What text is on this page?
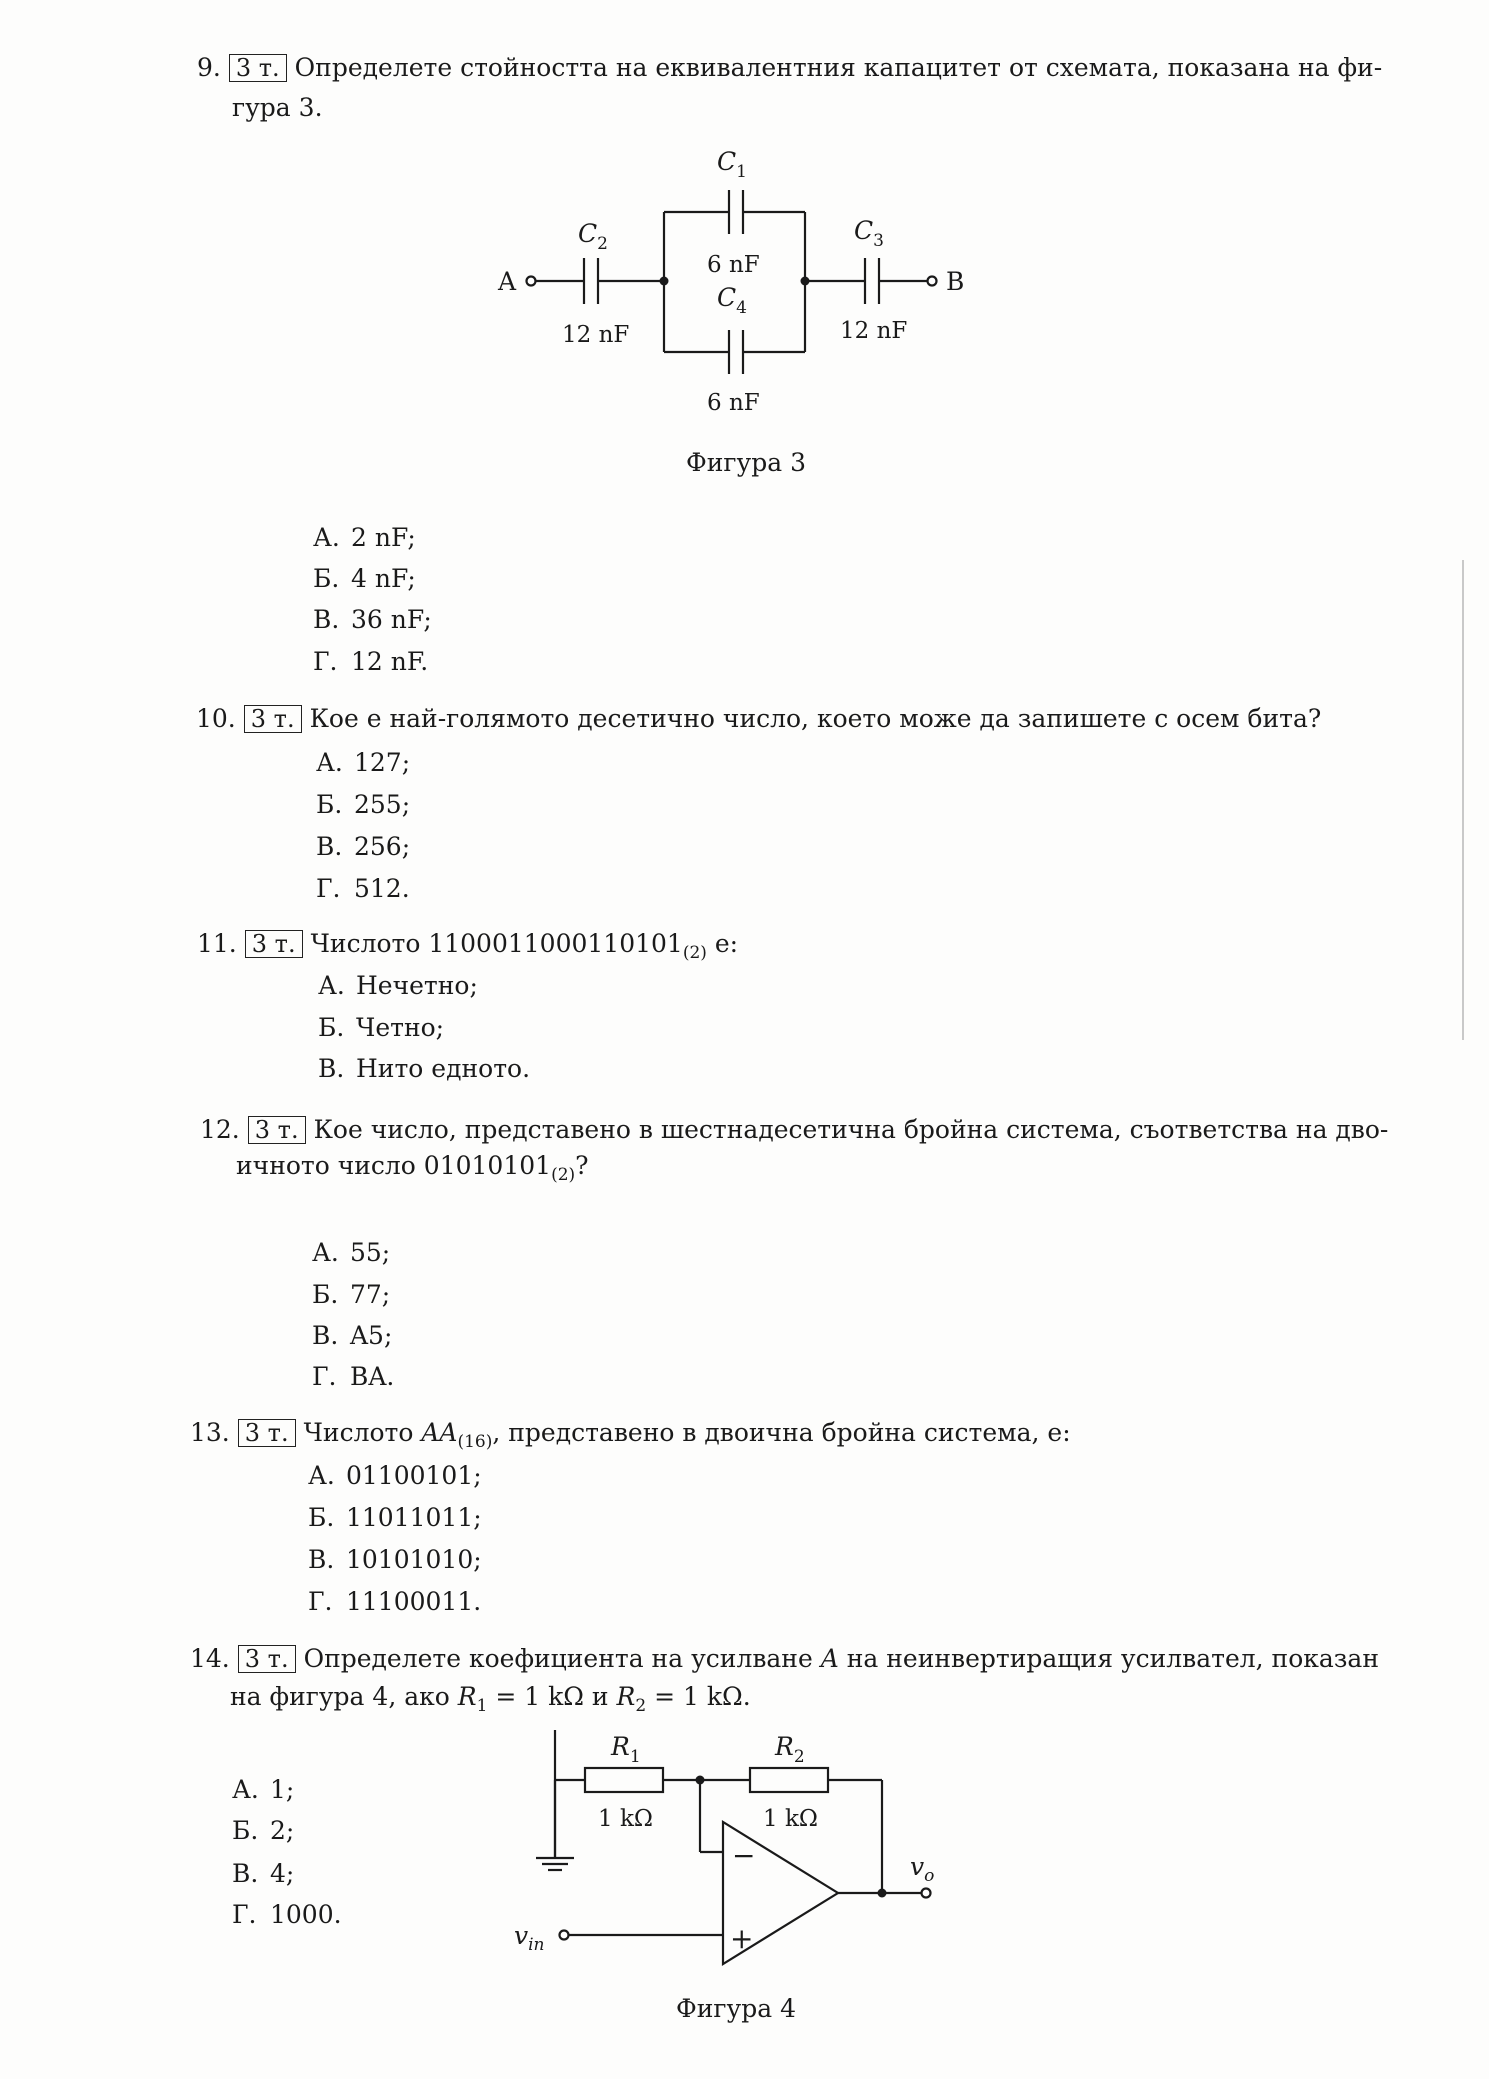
9. 3 т. Определете стойността на еквивалентния капацитет от схемата, показана на фи-
гура 3.
A	B
$C_1$
6 nF
$C_2$
12 nF
$C_3$
12 nF
$C_4$
6 nF
Фигура 3
А. 2 nF;
Б. 4 nF;
В. 36 nF;
Г. 12 nF.
10. 3 т. Кое е най-голямото десетично число, което може да запишете с осем бита?
А. 127;
Б. 255;
В. 256;
Г. 512.
11. 3 т. Числото $1100011000110101_{(2)}$ е:
А. Нечетно;
Б. Четно;
В. Нито едното.
12. 3 т. Кое число, представено в шестнадесетична бройна система, съответства на дво-
ичното число $01010101_{(2)}$?
А. 55;
Б. 77;
В. A5;
Г. BA.
13. 3 т. Числото $AA_{(16)}$, представено в двоична бройна система, е:
А. 01100101;
Б. 11011011;
В. 10101010;
Г. 11100011.
14. 3 т. Определете коефициента на усилване A на неинвертиращия усилвател, показан
на фигура 4, ако $R_1 = 1$ kΩ и $R_2 = 1$ kΩ.
А. 1;
Б. 2;
В. 4;
Г. 1000.
$R_1$
1 kΩ
$R_2$
1 kΩ
−
+
$v_{in}$
$v_o$
Фигура 4
